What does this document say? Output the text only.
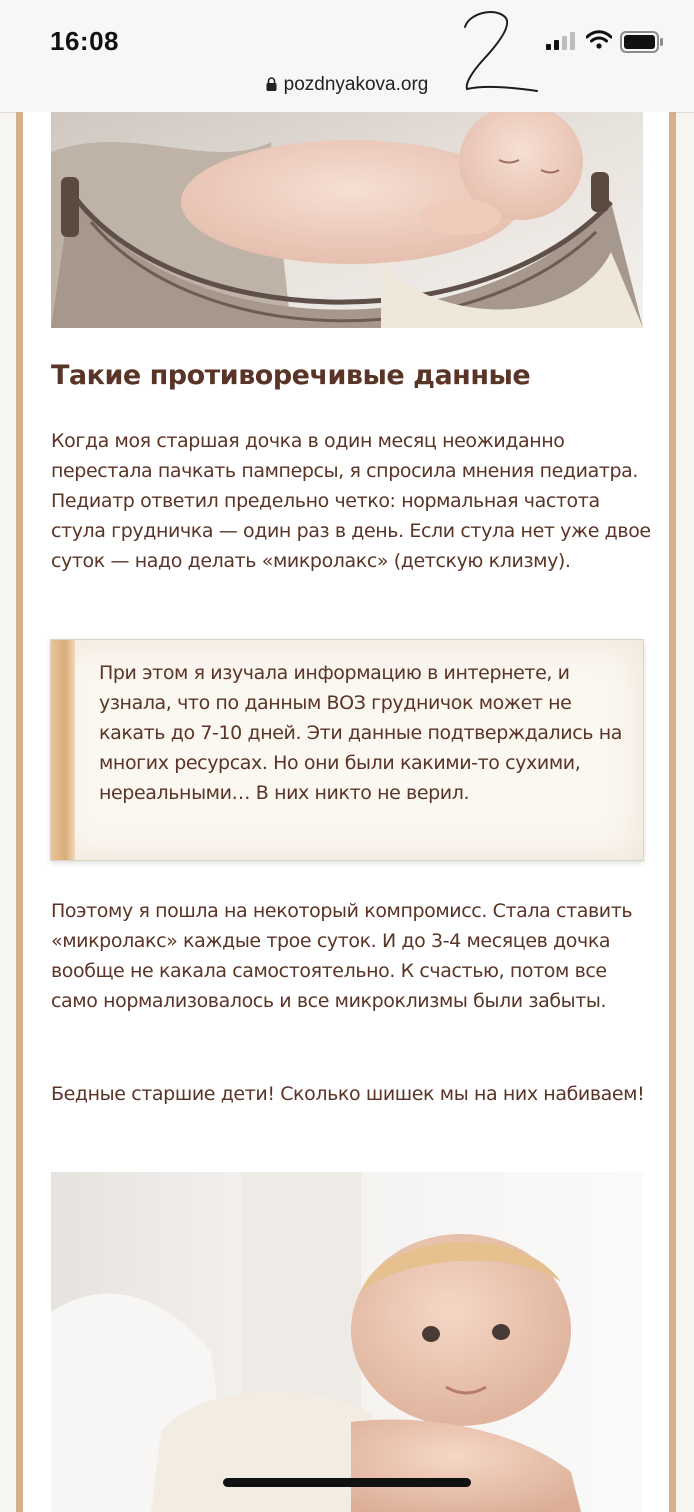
16:08
pozdnyakova.org
Такие противоречивые данные

Когда моя старшая дочка в один месяц неожиданно перестала пачкать памперсы, я спросила мнения педиатра. Педиатр ответил предельно четко: нормальная частота стула грудничка — один раз в день. Если стула нет уже двое суток — надо делать «микролакс» (детскую клизму).

При этом я изучала информацию в интернете, и узнала, что по данным ВОЗ грудничок может не какать до 7-10 дней. Эти данные подтверждались на многих ресурсах. Но они были какими-то сухими, нереальными… В них никто не верил.

Поэтому я пошла на некоторый компромисс. Стала ставить «микролакс» каждые трое суток. И до 3-4 месяцев дочка вообще не какала самостоятельно. К счастью, потом все само нормализовалось и все микроклизмы были забыты.

Бедные старшие дети! Сколько шишек мы на них набиваем!
